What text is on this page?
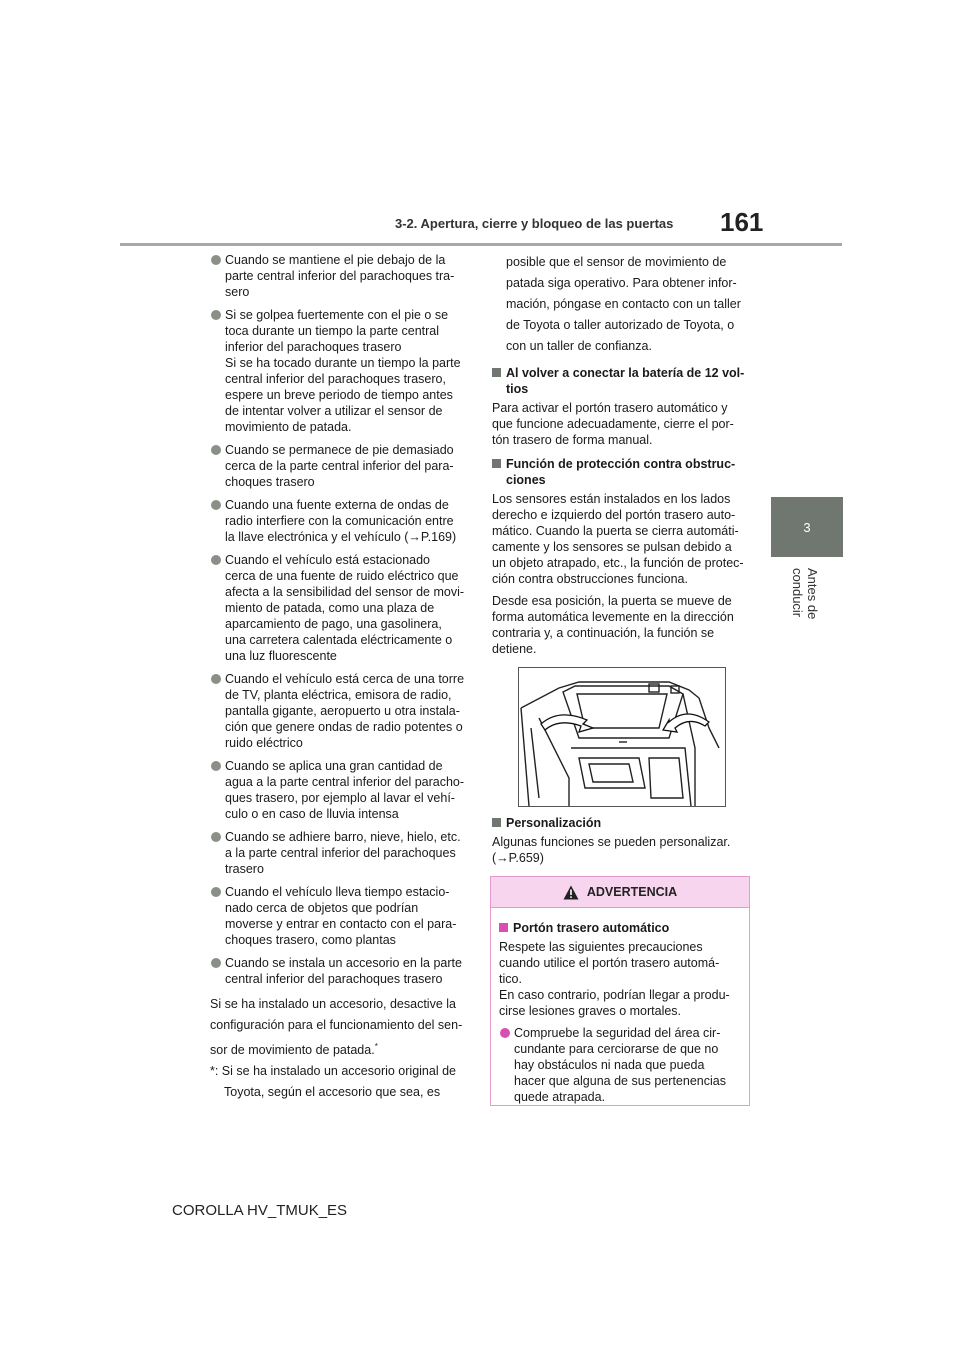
3-2. Apertura, cierre y bloqueo de las puertas 161
3
Antes de conducir
Cuando se mantiene el pie debajo de la
parte central inferior del parachoques tra-
sero
Si se golpea fuertemente con el pie o se
toca durante un tiempo la parte central
inferior del parachoques trasero
Si se ha tocado durante un tiempo la parte
central inferior del parachoques trasero,
espere un breve periodo de tiempo antes
de intentar volver a utilizar el sensor de
movimiento de patada.
Cuando se permanece de pie demasiado
cerca de la parte central inferior del para-
choques trasero
Cuando una fuente externa de ondas de
radio interfiere con la comunicación entre
la llave electrónica y el vehículo (→P.169)
Cuando el vehículo está estacionado
cerca de una fuente de ruido eléctrico que
afecta a la sensibilidad del sensor de movi-
miento de patada, como una plaza de
aparcamiento de pago, una gasolinera,
una carretera calentada eléctricamente o
una luz fluorescente
Cuando el vehículo está cerca de una torre
de TV, planta eléctrica, emisora de radio,
pantalla gigante, aeropuerto u otra instala-
ción que genere ondas de radio potentes o
ruido eléctrico
Cuando se aplica una gran cantidad de
agua a la parte central inferior del paracho-
ques trasero, por ejemplo al lavar el vehí-
culo o en caso de lluvia intensa
Cuando se adhiere barro, nieve, hielo, etc.
a la parte central inferior del parachoques
trasero
Cuando el vehículo lleva tiempo estacio-
nado cerca de objetos que podrían
moverse y entrar en contacto con el para-
choques trasero, como plantas
Cuando se instala un accesorio en la parte
central inferior del parachoques trasero
Si se ha instalado un accesorio, desactive la
configuración para el funcionamiento del sen-
sor de movimiento de patada.*
*: Si se ha instalado un accesorio original de
Toyota, según el accesorio que sea, es
posible que el sensor de movimiento de
patada siga operativo. Para obtener infor-
mación, póngase en contacto con un taller
de Toyota o taller autorizado de Toyota, o
con un taller de confianza.
Al volver a conectar la batería de 12 vol-
tios
Para activar el portón trasero automático y
que funcione adecuadamente, cierre el por-
tón trasero de forma manual.
Función de protección contra obstruc-
ciones
Los sensores están instalados en los lados
derecho e izquierdo del portón trasero auto-
mático. Cuando la puerta se cierra automáti-
camente y los sensores se pulsan debido a
un objeto atrapado, etc., la función de protec-
ción contra obstrucciones funciona.
Desde esa posición, la puerta se mueve de
forma automática levemente en la dirección
contraria y, a continuación, la función se
detiene.
Personalización
Algunas funciones se pueden personalizar.
(→P.659)
ADVERTENCIA
Portón trasero automático
Respete las siguientes precauciones
cuando utilice el portón trasero automá-
tico.
En caso contrario, podrían llegar a produ-
cirse lesiones graves o mortales.
Compruebe la seguridad del área cir-
cundante para cerciorarse de que no
hay obstáculos ni nada que pueda
hacer que alguna de sus pertenencias
quede atrapada.
COROLLA HV_TMUK_ES
